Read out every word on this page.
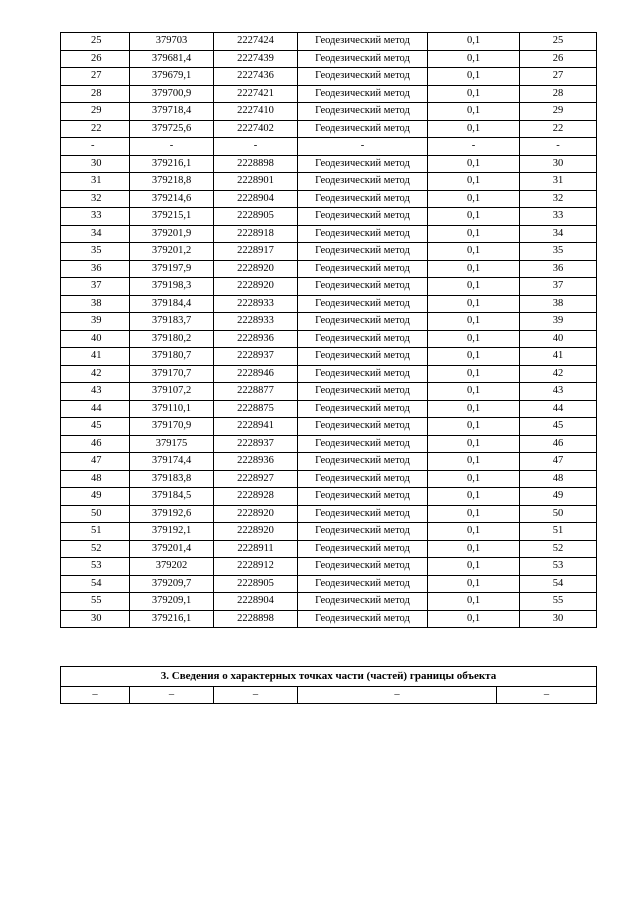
25	379703	2227424	Геодезический метод	0,1	25
26	379681,4	2227439	Геодезический метод	0,1	26
27	379679,1	2227436	Геодезический метод	0,1	27
28	379700,9	2227421	Геодезический метод	0,1	28
29	379718,4	2227410	Геодезический метод	0,1	29
22	379725,6	2227402	Геодезический метод	0,1	22
-	-	-	-	-	-
30	379216,1	2228898	Геодезический метод	0,1	30
31	379218,8	2228901	Геодезический метод	0,1	31
32	379214,6	2228904	Геодезический метод	0,1	32
33	379215,1	2228905	Геодезический метод	0,1	33
34	379201,9	2228918	Геодезический метод	0,1	34
35	379201,2	2228917	Геодезический метод	0,1	35
36	379197,9	2228920	Геодезический метод	0,1	36
37	379198,3	2228920	Геодезический метод	0,1	37
38	379184,4	2228933	Геодезический метод	0,1	38
39	379183,7	2228933	Геодезический метод	0,1	39
40	379180,2	2228936	Геодезический метод	0,1	40
41	379180,7	2228937	Геодезический метод	0,1	41
42	379170,7	2228946	Геодезический метод	0,1	42
43	379107,2	2228877	Геодезический метод	0,1	43
44	379110,1	2228875	Геодезический метод	0,1	44
45	379170,9	2228941	Геодезический метод	0,1	45
46	379175	2228937	Геодезический метод	0,1	46
47	379174,4	2228936	Геодезический метод	0,1	47
48	379183,8	2228927	Геодезический метод	0,1	48
49	379184,5	2228928	Геодезический метод	0,1	49
50	379192,6	2228920	Геодезический метод	0,1	50
51	379192,1	2228920	Геодезический метод	0,1	51
52	379201,4	2228911	Геодезический метод	0,1	52
53	379202	2228912	Геодезический метод	0,1	53
54	379209,7	2228905	Геодезический метод	0,1	54
55	379209,1	2228904	Геодезический метод	0,1	55
30	379216,1	2228898	Геодезический метод	0,1	30
3. Сведения о характерных точках части (частей) границы объекта
–	–	–	–	–
